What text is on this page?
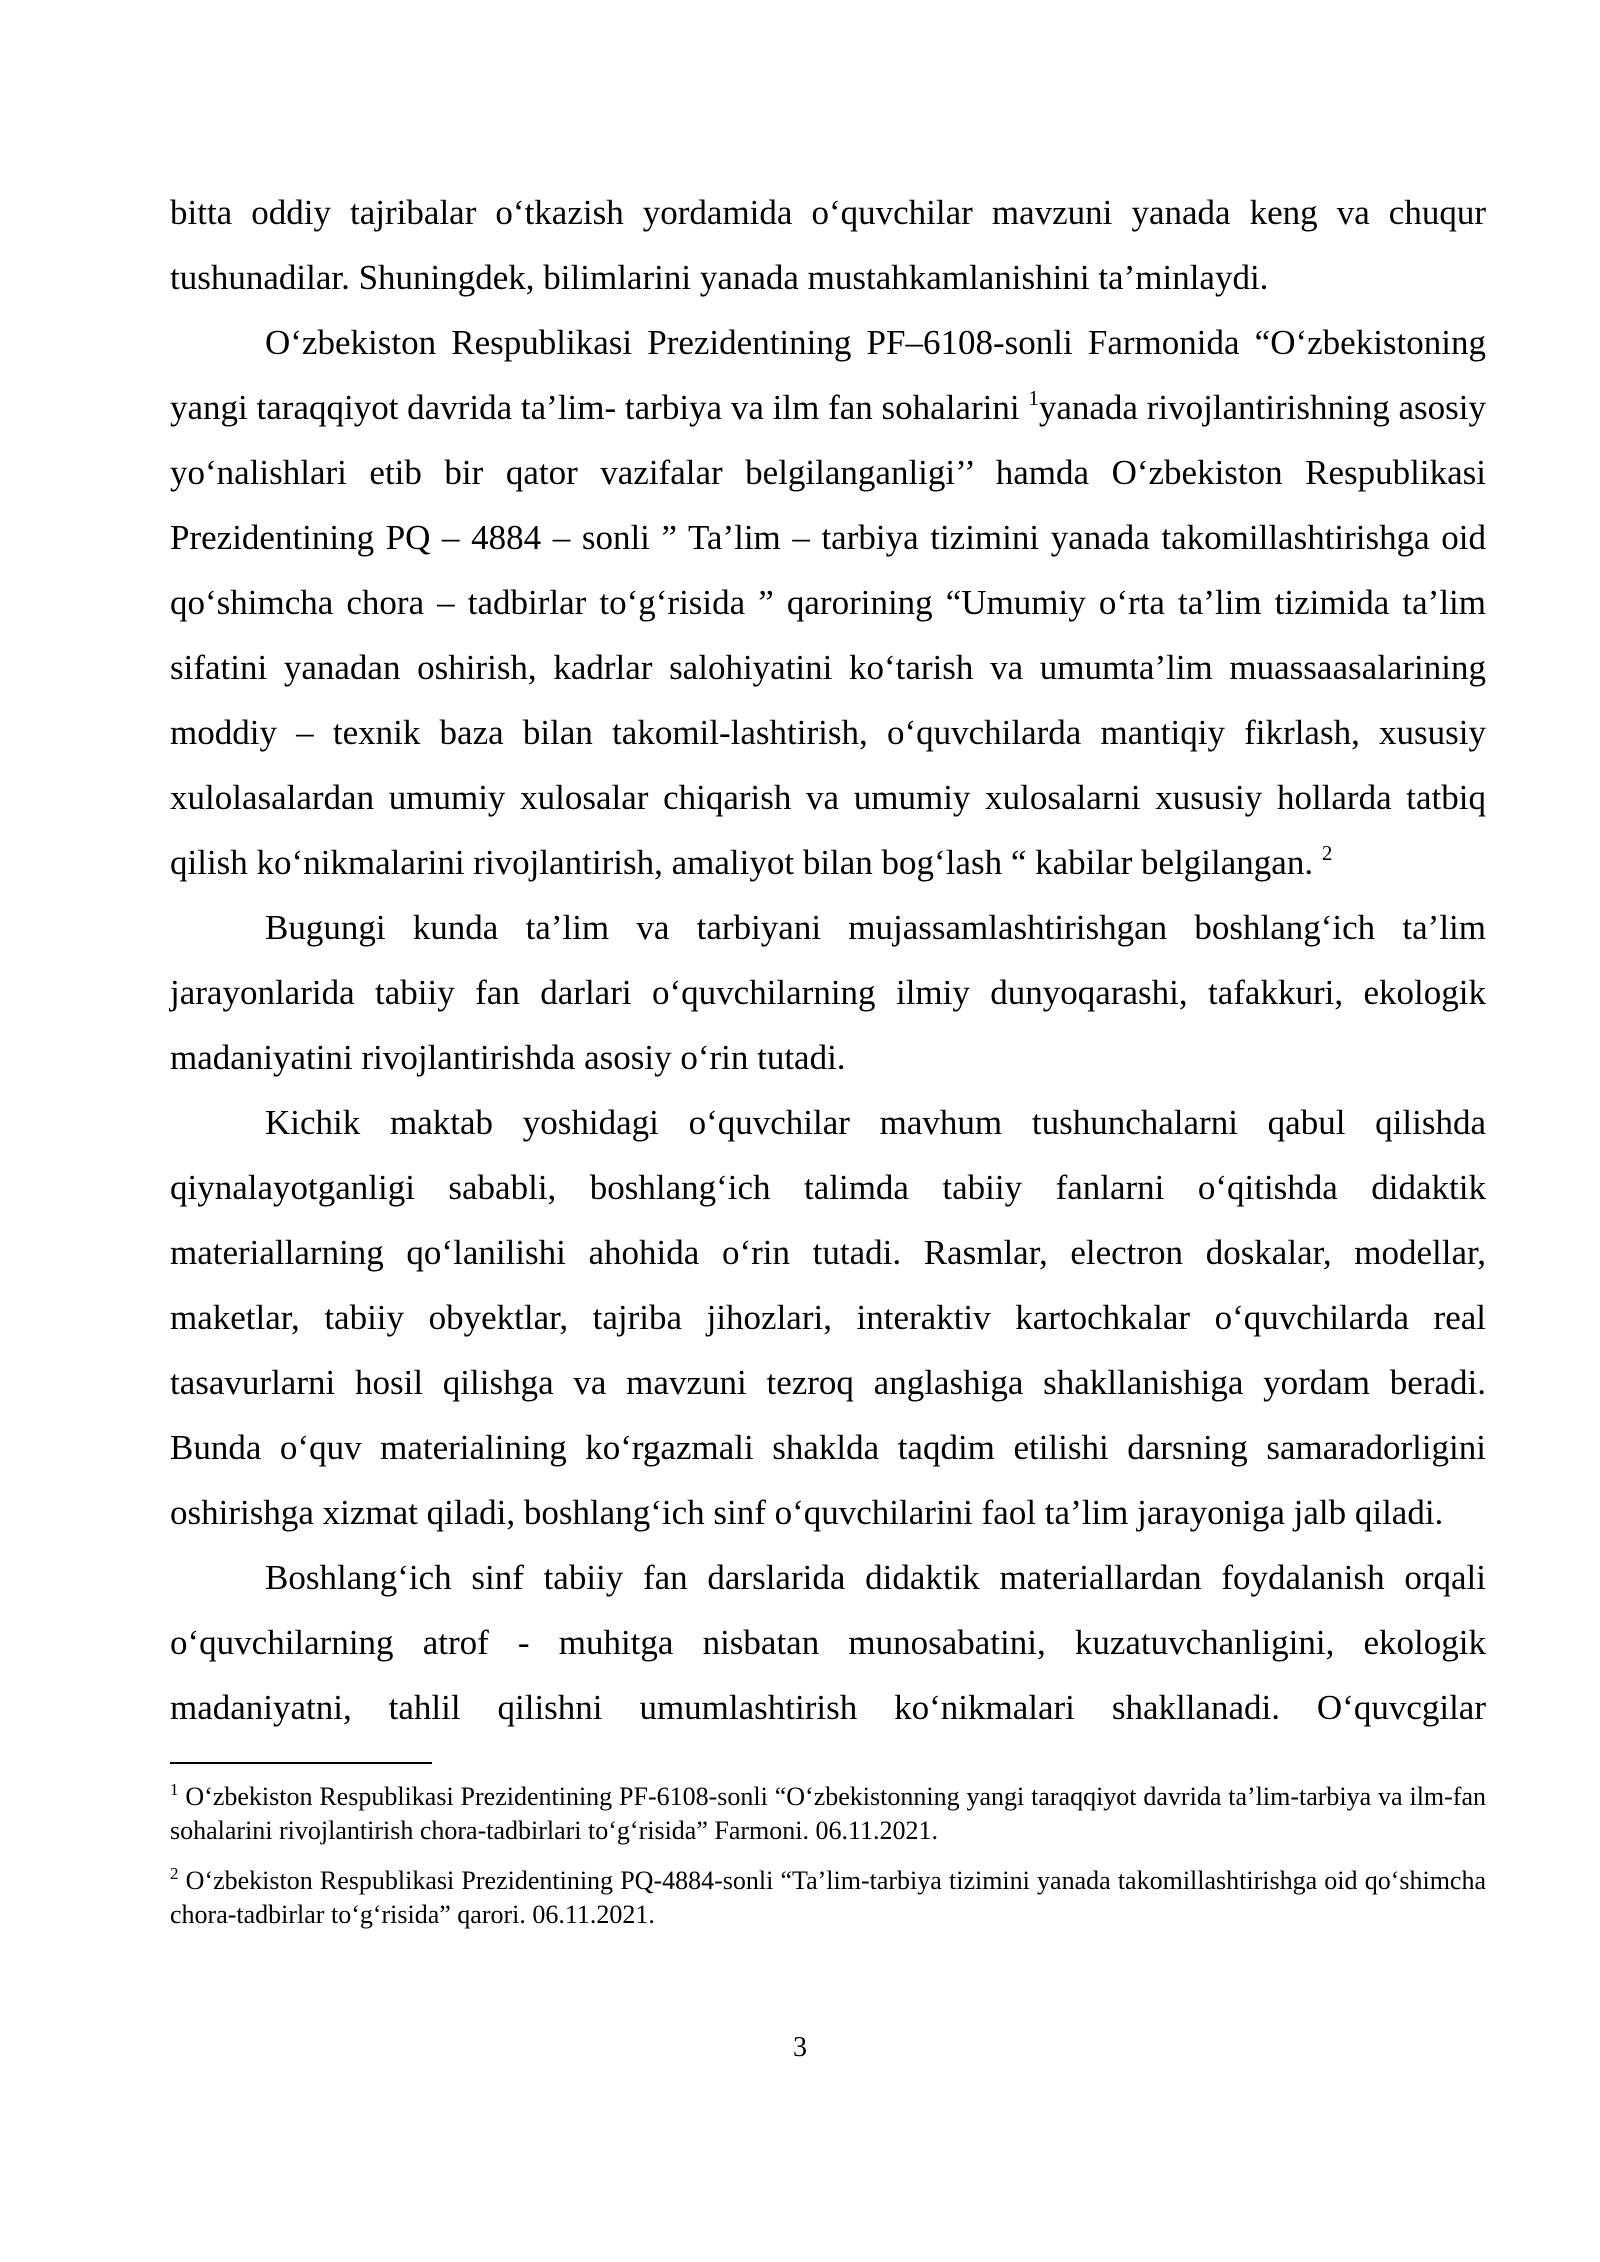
bitta oddiy tajribalar o‘tkazish yordamida o‘quvchilar mavzuni yanada keng va chuqur tushunadilar. Shuningdek, bilimlarini yanada mustahkamlanishini ta’minlaydi.

O‘zbekiston Respublikasi Prezidentining PF–6108-sonli Farmonida “O‘zbekistoning yangi taraqqiyot davrida ta’lim- tarbiya va ilm fan sohalarini $^1$yanada rivojlantirishning asosiy yo‘nalishlari etib bir qator vazifalar belgilanganligi’’ hamda O‘zbekiston Respublikasi Prezidentining PQ – 4884 – sonli ” Ta’lim – tarbiya tizimini yanada takomillashtirishga oid qo‘shimcha chora – tadbirlar to‘g‘risida ” qarorining “Umumiy o‘rta ta’lim tizimida ta’lim sifatini yanadan oshirish, kadrlar salohiyatini ko‘tarish va umumta’lim muassaasalarining moddiy – texnik baza bilan takomil-lashtirish, o‘quvchilarda mantiqiy fikrlash, xususiy xulolasalardan umumiy xulosalar chiqarish va umumiy xulosalarni xususiy hollarda tatbiq qilish ko‘nikmalarini rivojlantirish, amaliyot bilan bog‘lash “ kabilar belgilangan. $^2$

Bugungi kunda ta’lim va tarbiyani mujassamlashtirishgan boshlang‘ich ta’lim jarayonlarida tabiiy fan darlari o‘quvchilarning ilmiy dunyoqarashi, tafakkuri, ekologik madaniyatini rivojlantirishda asosiy o‘rin tutadi.

Kichik maktab yoshidagi o‘quvchilar mavhum tushunchalarni qabul qilishda qiynalayotganligi sababli, boshlang‘ich talimda tabiiy fanlarni o‘qitishda didaktik materiallarning qo‘lanilishi ahohida o‘rin tutadi. Rasmlar, electron doskalar, modellar, maketlar, tabiiy obyektlar, tajriba jihozlari, interaktiv kartochkalar o‘quvchilarda real tasavurlarni hosil qilishga va mavzuni tezroq anglashiga shakllanishiga yordam beradi. Bunda o‘quv materialining ko‘rgazmali shaklda taqdim etilishi darsning samaradorligini oshirishga xizmat qiladi, boshlang‘ich sinf o‘quvchilarini faol ta’lim jarayoniga jalb qiladi.

Boshlang‘ich sinf tabiiy fan darslarida didaktik materiallardan foydalanish orqali o‘quvchilarning atrof - muhitga nisbatan munosabatini, kuzatuvchanligini, ekologik madaniyatni, tahlil qilishni umumlashtirish ko‘nikmalari shakllanadi. O‘quvcgilar

$^1$ O‘zbekiston Respublikasi Prezidentining PF-6108-sonli “O‘zbekistonning yangi taraqqiyot davrida ta’lim-tarbiya va ilm-fan sohalarini rivojlantirish chora-tadbirlari to‘g‘risida” Farmoni. 06.11.2021.

$^2$ O‘zbekiston Respublikasi Prezidentining PQ-4884-sonli “Ta’lim-tarbiya tizimini yanada takomillashtirishga oid qo‘shimcha chora-tadbirlar to‘g‘risida” qarori. 06.11.2021.

3
